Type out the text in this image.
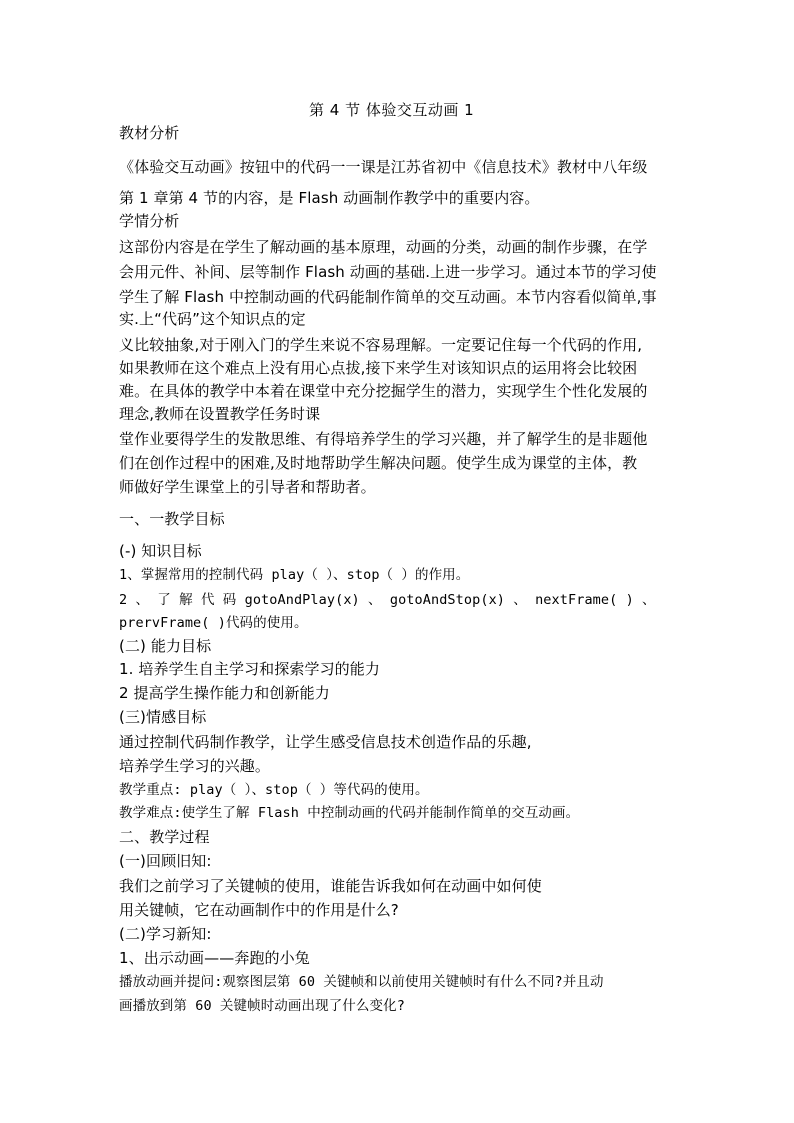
第 4 节 体验交互动画 1
教材分析
《体验交互动画》按钮中的代码一一课是江苏省初中《信息技术》教材中八年级
第 1 章第 4 节的内容，是 Flash 动画制作教学中的重要内容。
学情分析
这部份内容是在学生了解动画的基本原理，动画的分类，动画的制作步骤，在学
会用元件、补间、层等制作 Flash 动画的基础.上进一步学习。通过本节的学习使
学生了解 Flash 中控制动画的代码能制作简单的交互动画。本节内容看似简单,事
实.上“代码”这个知识点的定
义比较抽象,对于刚入门的学生来说不容易理解。一定要记住每一个代码的作用,
如果教师在这个难点上没有用心点拔,接下来学生对该知识点的运用将会比较困
难。在具体的教学中本着在课堂中充分挖掘学生的潜力，实现学生个性化发展的
理念,教师在设置教学任务时课
堂作业要得学生的发散思维、有得培养学生的学习兴趣，并了解学生的是非题他
们在创作过程中的困难,及时地帮助学生解决问题。使学生成为课堂的主体，教
师做好学生课堂上的引导者和帮助者。
一、一教学目标
(-) 知识目标
1、掌握常用的控制代码 play（ ）、stop（ ）的作用。
2 、 了 解 代 码 gotoAndPlay(x) 、 gotoAndStop(x) 、 nextFrame( ) 、
prervFrame( )代码的使用。
(二) 能力目标
1. 培养学生自主学习和探索学习的能力
2 提高学生操作能力和创新能力
(三)情感目标
通过控制代码制作教学，让学生感受信息技术创造作品的乐趣,
培养学生学习的兴趣。
教学重点: play（ ）、stop（ ）等代码的使用。
教学难点:使学生了解 Flash 中控制动画的代码并能制作简单的交互动画。
二、教学过程
(一)回顾旧知:
我们之前学习了关键帧的使用，谁能告诉我如何在动画中如何使
用关键帧，它在动画制作中的作用是什么?
(二)学习新知:
1、出示动画——奔跑的小兔
播放动画并提问:观察图层第 60 关键帧和以前使用关键帧时有什么不同?并且动
画播放到第 60 关键帧时动画出现了什么变化?
